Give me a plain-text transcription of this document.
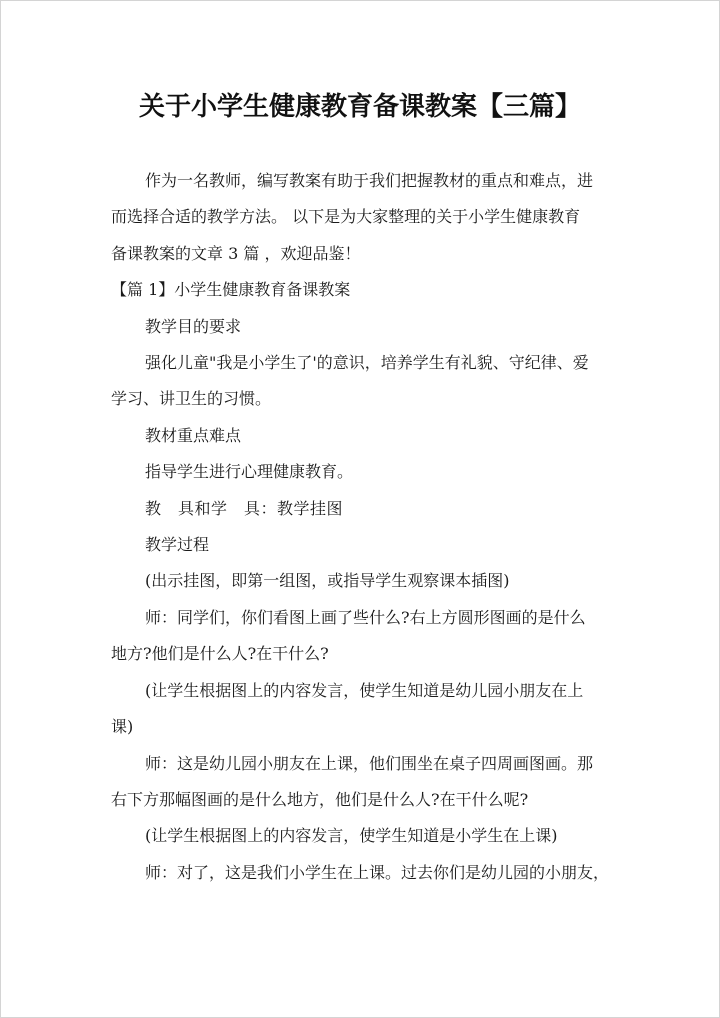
关于小学生健康教育备课教案【三篇】

作为一名教师，编写教案有助于我们把握教材的重点和难点，进

而选择合适的教学方法。 以下是为大家整理的关于小学生健康教育

备课教案的文章 3 篇 ，欢迎品鉴！

【篇 1】小学生健康教育备课教案

教学目的要求

强化儿童"我是小学生了'的意识，培养学生有礼貌、守纪律、爱

学习、讲卫生的习惯。

教材重点难点

指导学生进行心理健康教育。

教　具和学　具：教学挂图

教学过程

(出示挂图，即第一组图，或指导学生观察课本插图)

师：同学们，你们看图上画了些什么?右上方圆形图画的是什么

地方?他们是什么人?在干什么?

(让学生根据图上的内容发言，使学生知道是幼儿园小朋友在上

课)

师：这是幼儿园小朋友在上课，他们围坐在桌子四周画图画。那

右下方那幅图画的是什么地方，他们是什么人?在干什么呢?

(让学生根据图上的内容发言，使学生知道是小学生在上课)

师：对了，这是我们小学生在上课。过去你们是幼儿园的小朋友，
